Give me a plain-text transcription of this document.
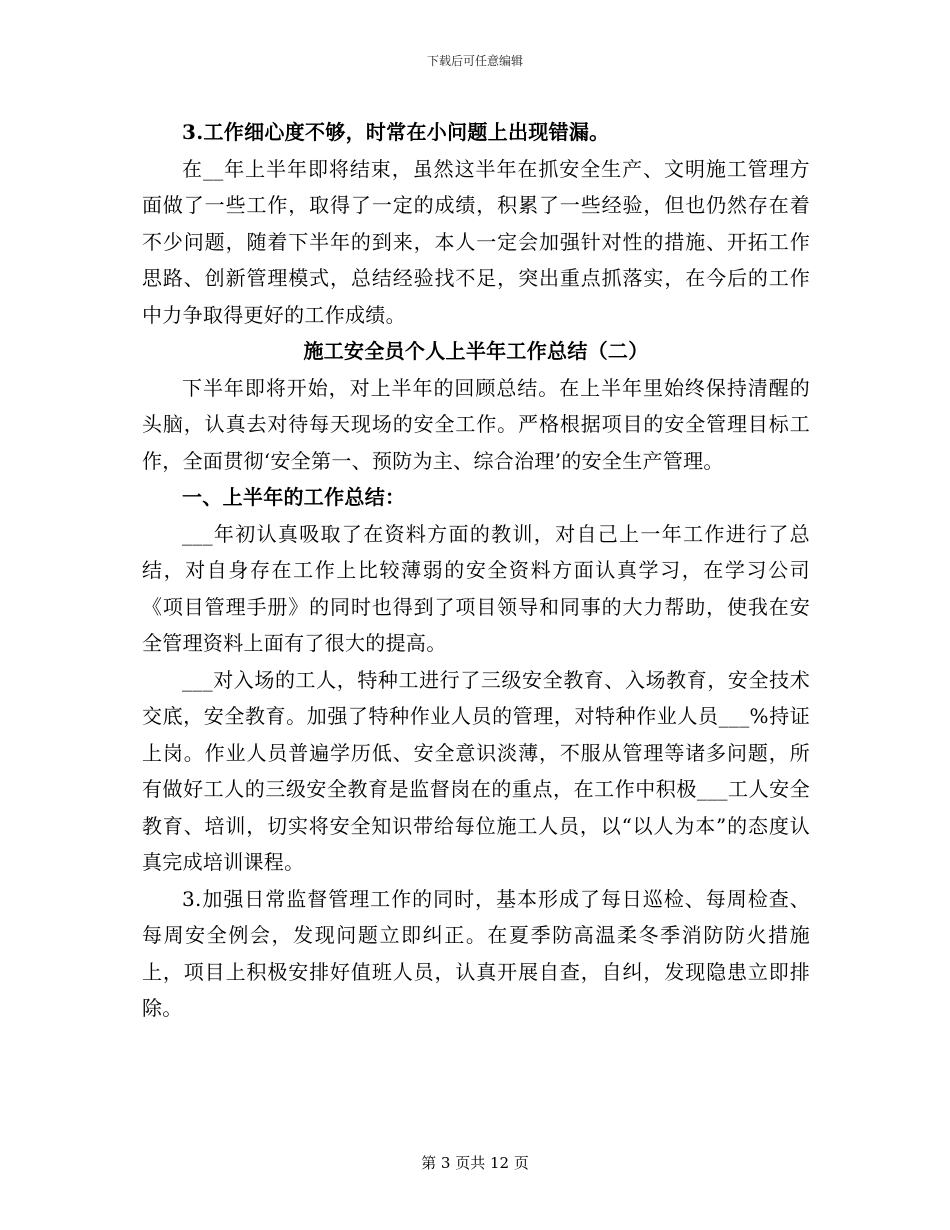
下载后可任意编辑

3.工作细心度不够，时常在小问题上出现错漏。

在__年上半年即将结束，虽然这半年在抓安全生产、文明施工管理方面做了一些工作，取得了一定的成绩，积累了一些经验，但也仍然存在着不少问题，随着下半年的到来，本人一定会加强针对性的措施、开拓工作思路、创新管理模式，总结经验找不足，突出重点抓落实，在今后的工作中力争取得更好的工作成绩。

施工安全员个人上半年工作总结（二）

下半年即将开始，对上半年的回顾总结。在上半年里始终保持清醒的头脑，认真去对待每天现场的安全工作。严格根据项目的安全管理目标工作，全面贯彻‘安全第一、预防为主、综合治理’的安全生产管理。

一、上半年的工作总结：

___年初认真吸取了在资料方面的教训，对自己上一年工作进行了总结，对自身存在工作上比较薄弱的安全资料方面认真学习，在学习公司《项目管理手册》的同时也得到了项目领导和同事的大力帮助，使我在安全管理资料上面有了很大的提高。

___对入场的工人，特种工进行了三级安全教育、入场教育，安全技术交底，安全教育。加强了特种作业人员的管理，对特种作业人员___%持证上岗。作业人员普遍学历低、安全意识淡薄，不服从管理等诸多问题，所有做好工人的三级安全教育是监督岗在的重点，在工作中积极___工人安全教育、培训，切实将安全知识带给每位施工人员，以“以人为本”的态度认真完成培训课程。

3.加强日常监督管理工作的同时，基本形成了每日巡检、每周检查、每周安全例会，发现问题立即纠正。在夏季防高温柔冬季消防防火措施上，项目上积极安排好值班人员，认真开展自查，自纠，发现隐患立即排除。

第 3 页共 12 页
